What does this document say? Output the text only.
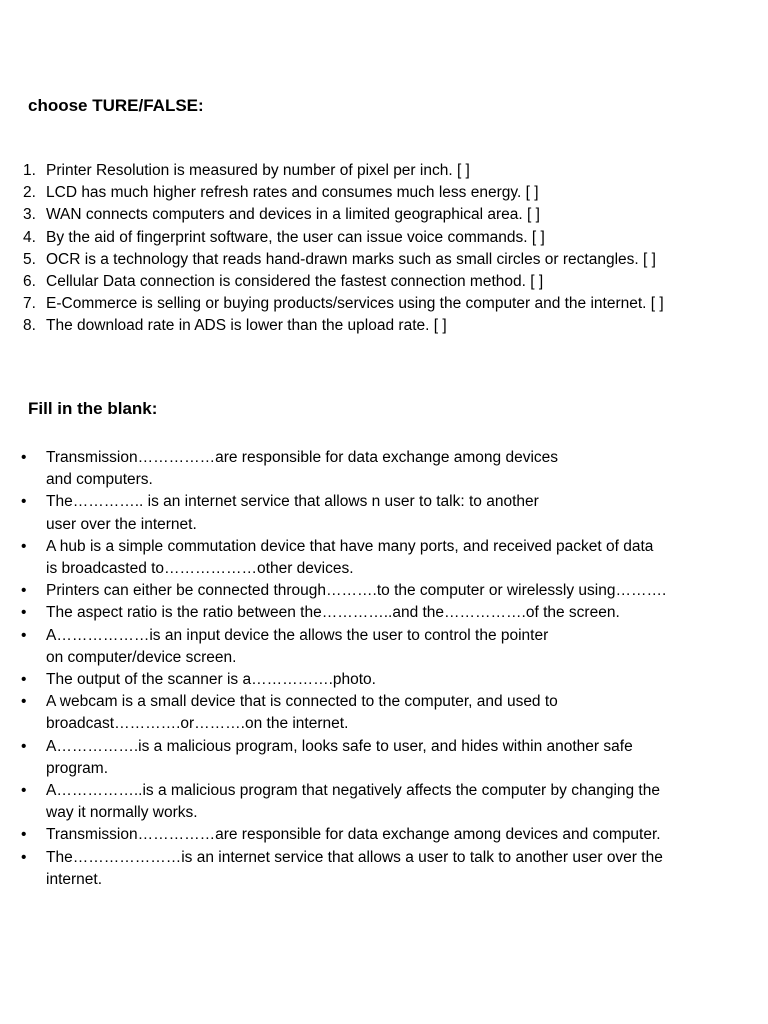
choose TURE/FALSE:
1. Printer Resolution is measured by number of pixel per inch. [ ]
2. LCD has much higher refresh rates and consumes much less energy. [ ]
3. WAN connects computers and devices in a limited geographical area. [ ]
4. By the aid of fingerprint software, the user can issue voice commands. [ ]
5. OCR is a technology that reads hand-drawn marks such as small circles or rectangles. [ ]
6. Cellular Data connection is considered the fastest connection method. [ ]
7. E-Commerce is selling or buying products/services using the computer and the internet. [ ]
8. The download rate in ADS is lower than the upload rate. [ ]
Fill in the blank:
• Transmission……………are responsible for data exchange among devices and computers.
• The………….. is an internet service that allows n user to talk: to another user over the internet.
• A hub is a simple commutation device that have many ports, and received packet of data is broadcasted to………………other devices.
• Printers can either be connected through……….to the computer or wirelessly using……….
• The aspect ratio is the ratio between the…………..and the…………….of the screen.
• A………………is an input device the allows the user to control the pointer on computer/device screen.
• The output of the scanner is a…………….photo.
• A webcam is a small device that is connected to the computer, and used to broadcast………….or……….on the internet.
• A…………….is a malicious program, looks safe to user, and hides within another safe program.
• A……………..is a malicious program that negatively affects the computer by changing the way it normally works.
• Transmission……………are responsible for data exchange among devices and computer.
• The…………………is an internet service that allows a user to talk to another user over the internet.
